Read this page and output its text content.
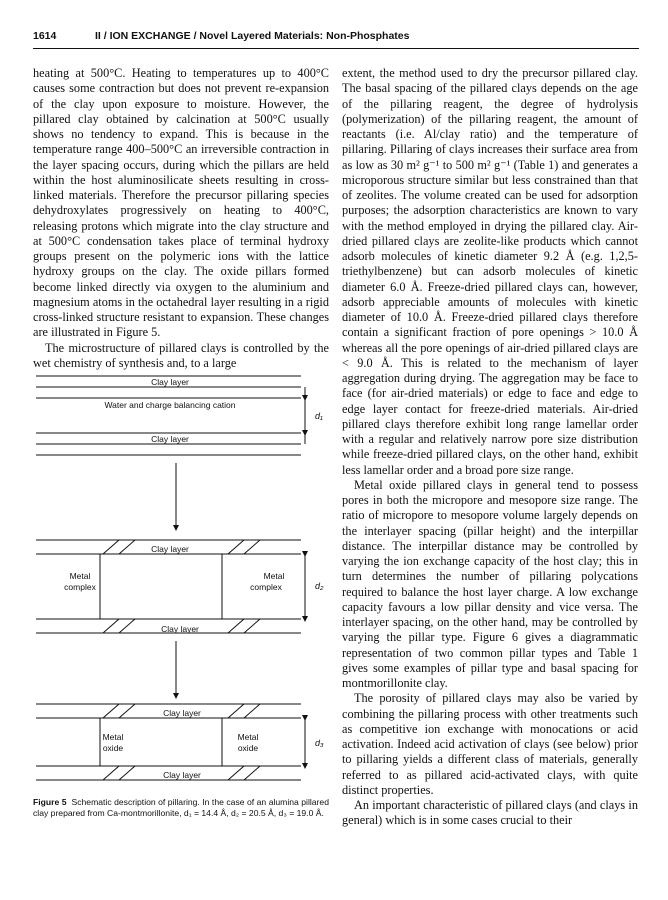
1614	II / ION EXCHANGE / Novel Layered Materials: Non-Phosphates

heating at 500°C. Heating to temperatures up to 400°C causes some contraction but does not prevent re-expansion of the clay upon exposure to moisture. However, the pillared clay obtained by calcination at 500°C usually shows no tendency to expand. This is because in the temperature range 400–500°C an irreversible contraction in the layer spacing occurs, during which the pillars are held within the host aluminosilicate sheets resulting in cross-linked materials. Therefore the precursor pillaring species dehydroxylates progressively on heating to 400°C, releasing protons which migrate into the clay structure and at 500°C condensation takes place of terminal hydroxy groups present on the polymeric ions with the lattice hydroxy groups on the clay. The oxide pillars formed become linked directly via oxygen to the aluminium and magnesium atoms in the octahedral layer resulting in a rigid cross-linked structure resistant to expansion. These changes are illustrated in Figure 5.

The microstructure of pillared clays is controlled by the wet chemistry of synthesis and, to a large

extent, the method used to dry the precursor pillared clay. The basal spacing of the pillared clays depends on the age of the pillaring reagent, the degree of hydrolysis (polymerization) of the pillaring reagent, the amount of reactants (i.e. Al/clay ratio) and the temperature of pillaring. Pillaring of clays increases their surface area from as low as 30 m² g⁻¹ to 500 m² g⁻¹ (Table 1) and generates a microporous structure similar but less constrained than that of zeolites. The volume created can be used for adsorption purposes; the adsorption characteristics are known to vary with the method employed in drying the pillared clay. Air-dried pillared clays are zeolite-like products which cannot adsorb molecules of kinetic diameter 9.2 Å (e.g. 1,2,5-triethylbenzene) but can adsorb molecules of kinetic diameter 6.0 Å. Freeze-dried pillared clays can, however, adsorb appreciable amounts of molecules with kinetic diameter of 10.0 Å. Freeze-dried pillared clays therefore contain a significant fraction of pore openings > 10.0 Å whereas all the pore openings of air-dried pillared clays are < 9.0 Å. This is related to the mechanism of layer aggregation during drying. The aggregation may be face to face (for air-dried materials) or edge to face and edge to edge layer contact for freeze-dried materials. Air-dried pillared clays therefore exhibit long range lamellar order with a regular and relatively narrow pore size distribution while freeze-dried pillared clays, on the other hand, exhibit less lamellar order and a broad pore size range.

Metal oxide pillared clays in general tend to possess pores in both the micropore and mesopore size range. The ratio of micropore to mesopore volume largely depends on the interlayer spacing (pillar height) and the interpillar distance. The interpillar distance may be controlled by varying the ion exchange capacity of the host clay; this in turn determines the number of pillaring polycations required to balance the host layer charge. A low exchange capacity favours a low pillar density and vice versa. The interlayer spacing, on the other hand, may be controlled by varying the pillar type. Figure 6 gives a diagrammatic representation of two common pillar types and Table 1 gives some examples of pillar type and basal spacing for montmorillonite clay.

The porosity of pillared clays may also be varied by combining the pillaring process with other treatments such as competitive ion exchange with monocations or acid activation. Indeed acid activation of clays (see below) prior to pillaring yields a different class of materials, generally referred to as pillared acid-activated clays, with quite distinct properties.

An important characteristic of pillared clays (and clays in general) which is in some cases crucial to their

Clay layer
Water and charge balancing cation
Clay layer
d₁
Clay layer
Metal
complex
Metal
complex
Clay layer
d₂
Clay layer
Metal
oxide
Metal
oxide
Clay layer
d₃
Figure 5 Schematic description of pillaring. In the case of an alumina pillared clay prepared from Ca-montmorillonite, d₁ = 14.4 Å, d₂ = 20.5 Å, d₃ = 19.0 Å.
